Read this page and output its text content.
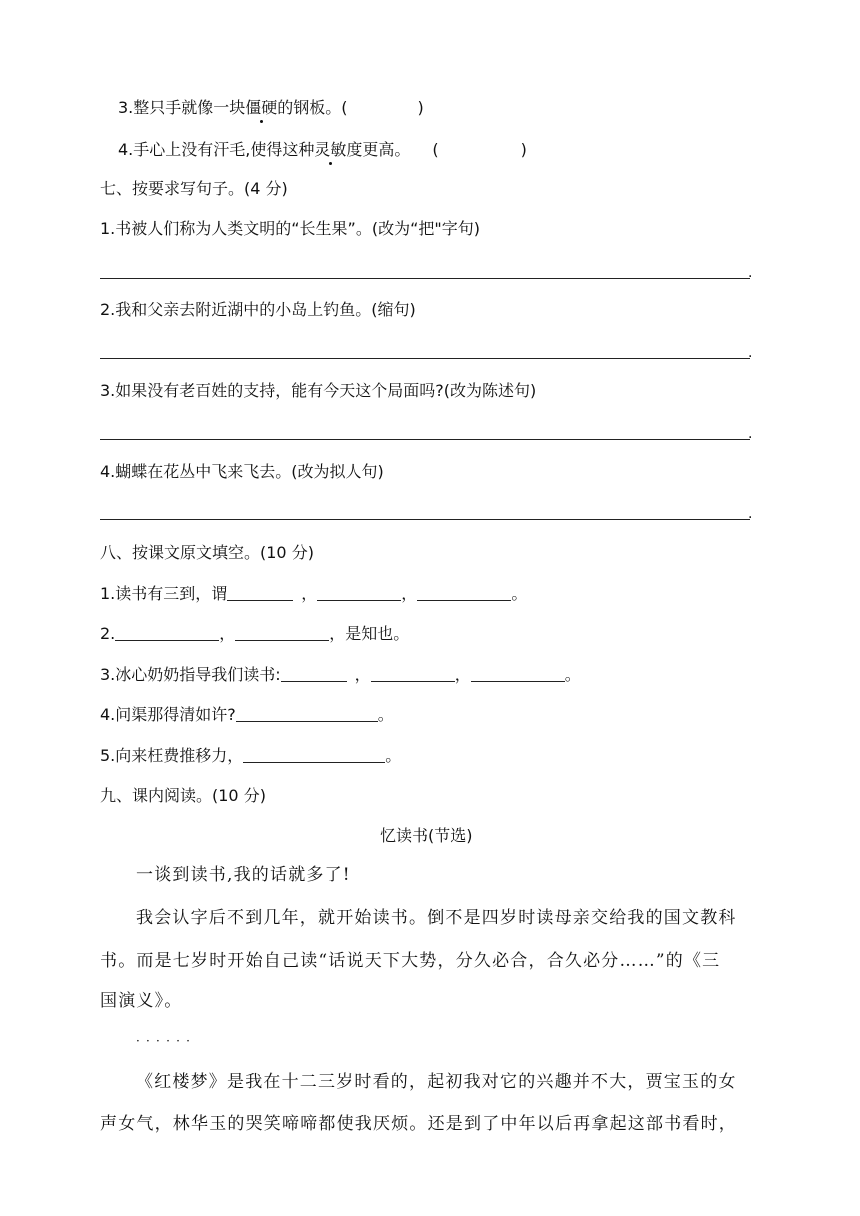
3.整只手就像一块僵硬的钢板。(	)
4.手心上没有汗毛,使得这种灵敏度更高。 (	)
七、按要求写句子。(4 分)
1.书被人们称为人类文明的“长生果”。(改为“把"字句)
.
2.我和父亲去附近湖中的小岛上钓鱼。(缩句)
.
3.如果没有老百姓的支持，能有今天这个局面吗?(改为陈述句)
.
4.蝴蝶在花丛中飞来飞去。(改为拟人句)
.
八、按课文原文填空。(10 分)
1.读书有三到，谓	，	，	。
2.	，	，是知也。
3.冰心奶奶指导我们读书:	，	，	。
4.问渠那得清如许?	。
5.向来枉费推移力，	。
九、课内阅读。(10 分)
忆读书(节选)
一谈到读书,我的话就多了!
我会认字后不到几年，就开始读书。倒不是四岁时读母亲交给我的国文教科
书。而是七岁时开始自己读“话说天下大势，分久必合，合久必分……”的《三
国演义》。
· · · · · ·
《红楼梦》是我在十二三岁时看的，起初我对它的兴趣并不大，贾宝玉的女
声女气，林华玉的哭笑啼啼都使我厌烦。还是到了中年以后再拿起这部书看时，
